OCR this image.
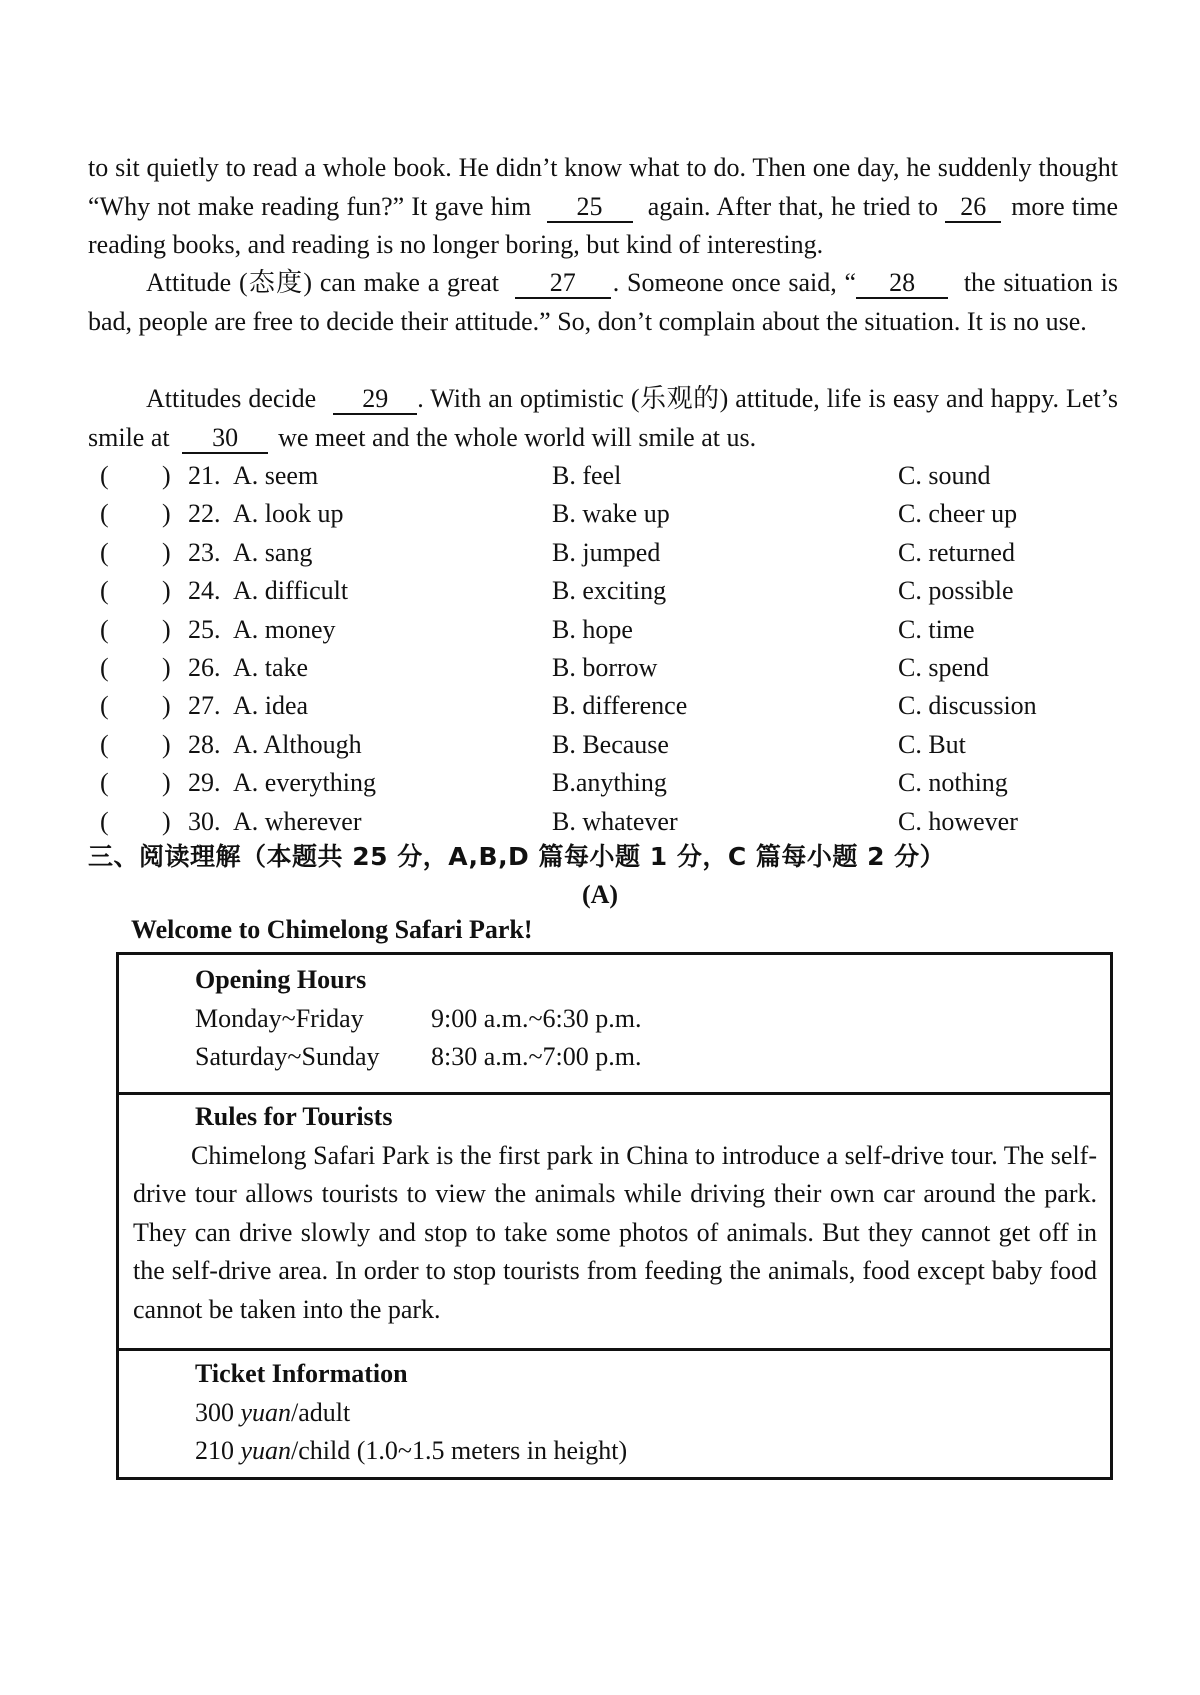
to sit quietly to read a whole book. He didn’t know what to do. Then one day, he suddenly thought “Why not make reading fun?” It gave him 25 again. After that, he tried to 26 more time reading books, and reading is no longer boring, but kind of interesting.
Attitude (态度) can make a great 27 . Someone once said, “ 28 the situation is bad, people are free to decide their attitude.” So, don’t complain about the situation. It is no use.
Attitudes decide 29 . With an optimistic (乐观的) attitude, life is easy and happy. Let’s smile at 30 we meet and the whole world will smile at us.
( ) 21. A. seem	B. feel	C. sound
( ) 22. A. look up	B. wake up	C. cheer up
( ) 23. A. sang	B. jumped	C. returned
( ) 24. A. difficult	B. exciting	C. possible
( ) 25. A. money	B. hope	C. time
( ) 26. A. take	B. borrow	C. spend
( ) 27. A. idea	B. difference	C. discussion
( ) 28. A. Although	B. Because	C. But
( ) 29. A. everything	B.anything	C. nothing
( ) 30. A. wherever	B. whatever	C. however
三、阅读理解（本题共 25 分，A,B,D 篇每小题 1 分，C 篇每小题 2 分）
(A)
Welcome to Chimelong Safari Park!
Opening Hours
Monday~Friday	9:00 a.m.~6:30 p.m.
Saturday~Sunday 8:30 a.m.~7:00 p.m.
Rules for Tourists
Chimelong Safari Park is the first park in China to introduce a self-drive tour. The self-drive tour allows tourists to view the animals while driving their own car around the park. They can drive slowly and stop to take some photos of animals. But they cannot get off in the self-drive area. In order to stop tourists from feeding the animals, food except baby food cannot be taken into the park.
Ticket Information
300 yuan/adult
210 yuan/child (1.0~1.5 meters in height)
